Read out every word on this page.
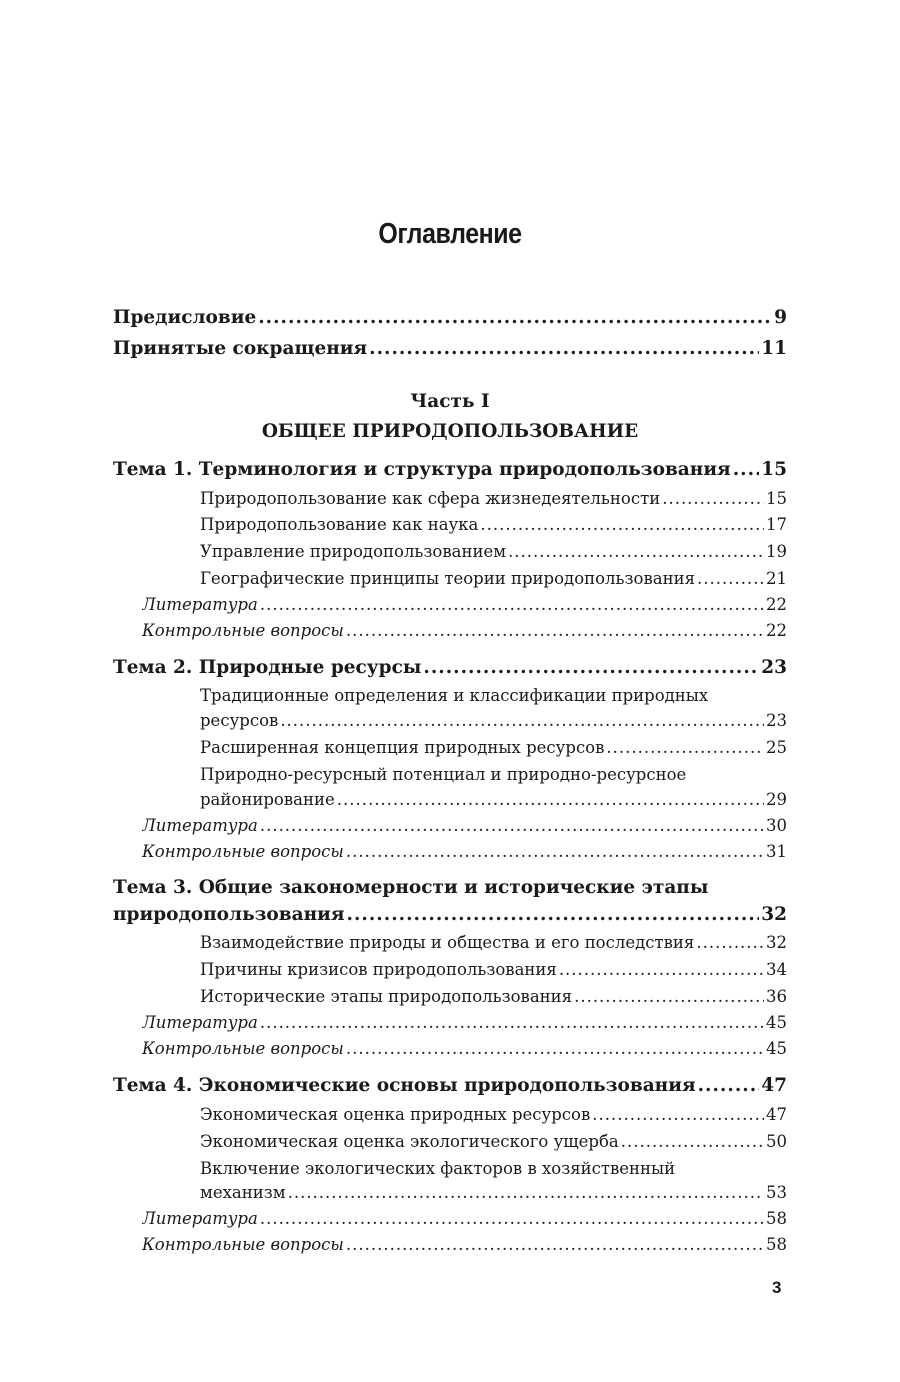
Оглавление
Предисловие .....	9
Принятые сокращения .....	11
Часть I
ОБЩЕЕ ПРИРОДОПОЛЬЗОВАНИЕ
Тема 1. Терминология и структура природопользования ..... 15
Природопользование как сфера жизнедеятельности .....	15
Природопользование как наука .....	17
Управление природопользованием .....	19
Географические принципы теории природопользования .....	21
Литература .....	22
Контрольные вопросы .....	22
Тема 2. Природные ресурсы .....	23
Традиционные определения и классификации природных
ресурсов .....	23
Расширенная концепция природных ресурсов .....	25
Природно-ресурсный потенциал и природно-ресурсное
районирование .....	29
Литература .....	30
Контрольные вопросы .....	31
Тема 3. Общие закономерности и исторические этапы
природопользования .....	32
Взаимодействие природы и общества и его последствия .....	32
Причины кризисов природопользования .....	34
Исторические этапы природопользования .....	36
Литература .....	45
Контрольные вопросы .....	45
Тема 4. Экономические основы природопользования .....	47
Экономическая оценка природных ресурсов .....	47
Экономическая оценка экологического ущерба .....	50
Включение экологических факторов в хозяйственный
механизм .....	53
Литература .....	58
Контрольные вопросы .....	58
3
